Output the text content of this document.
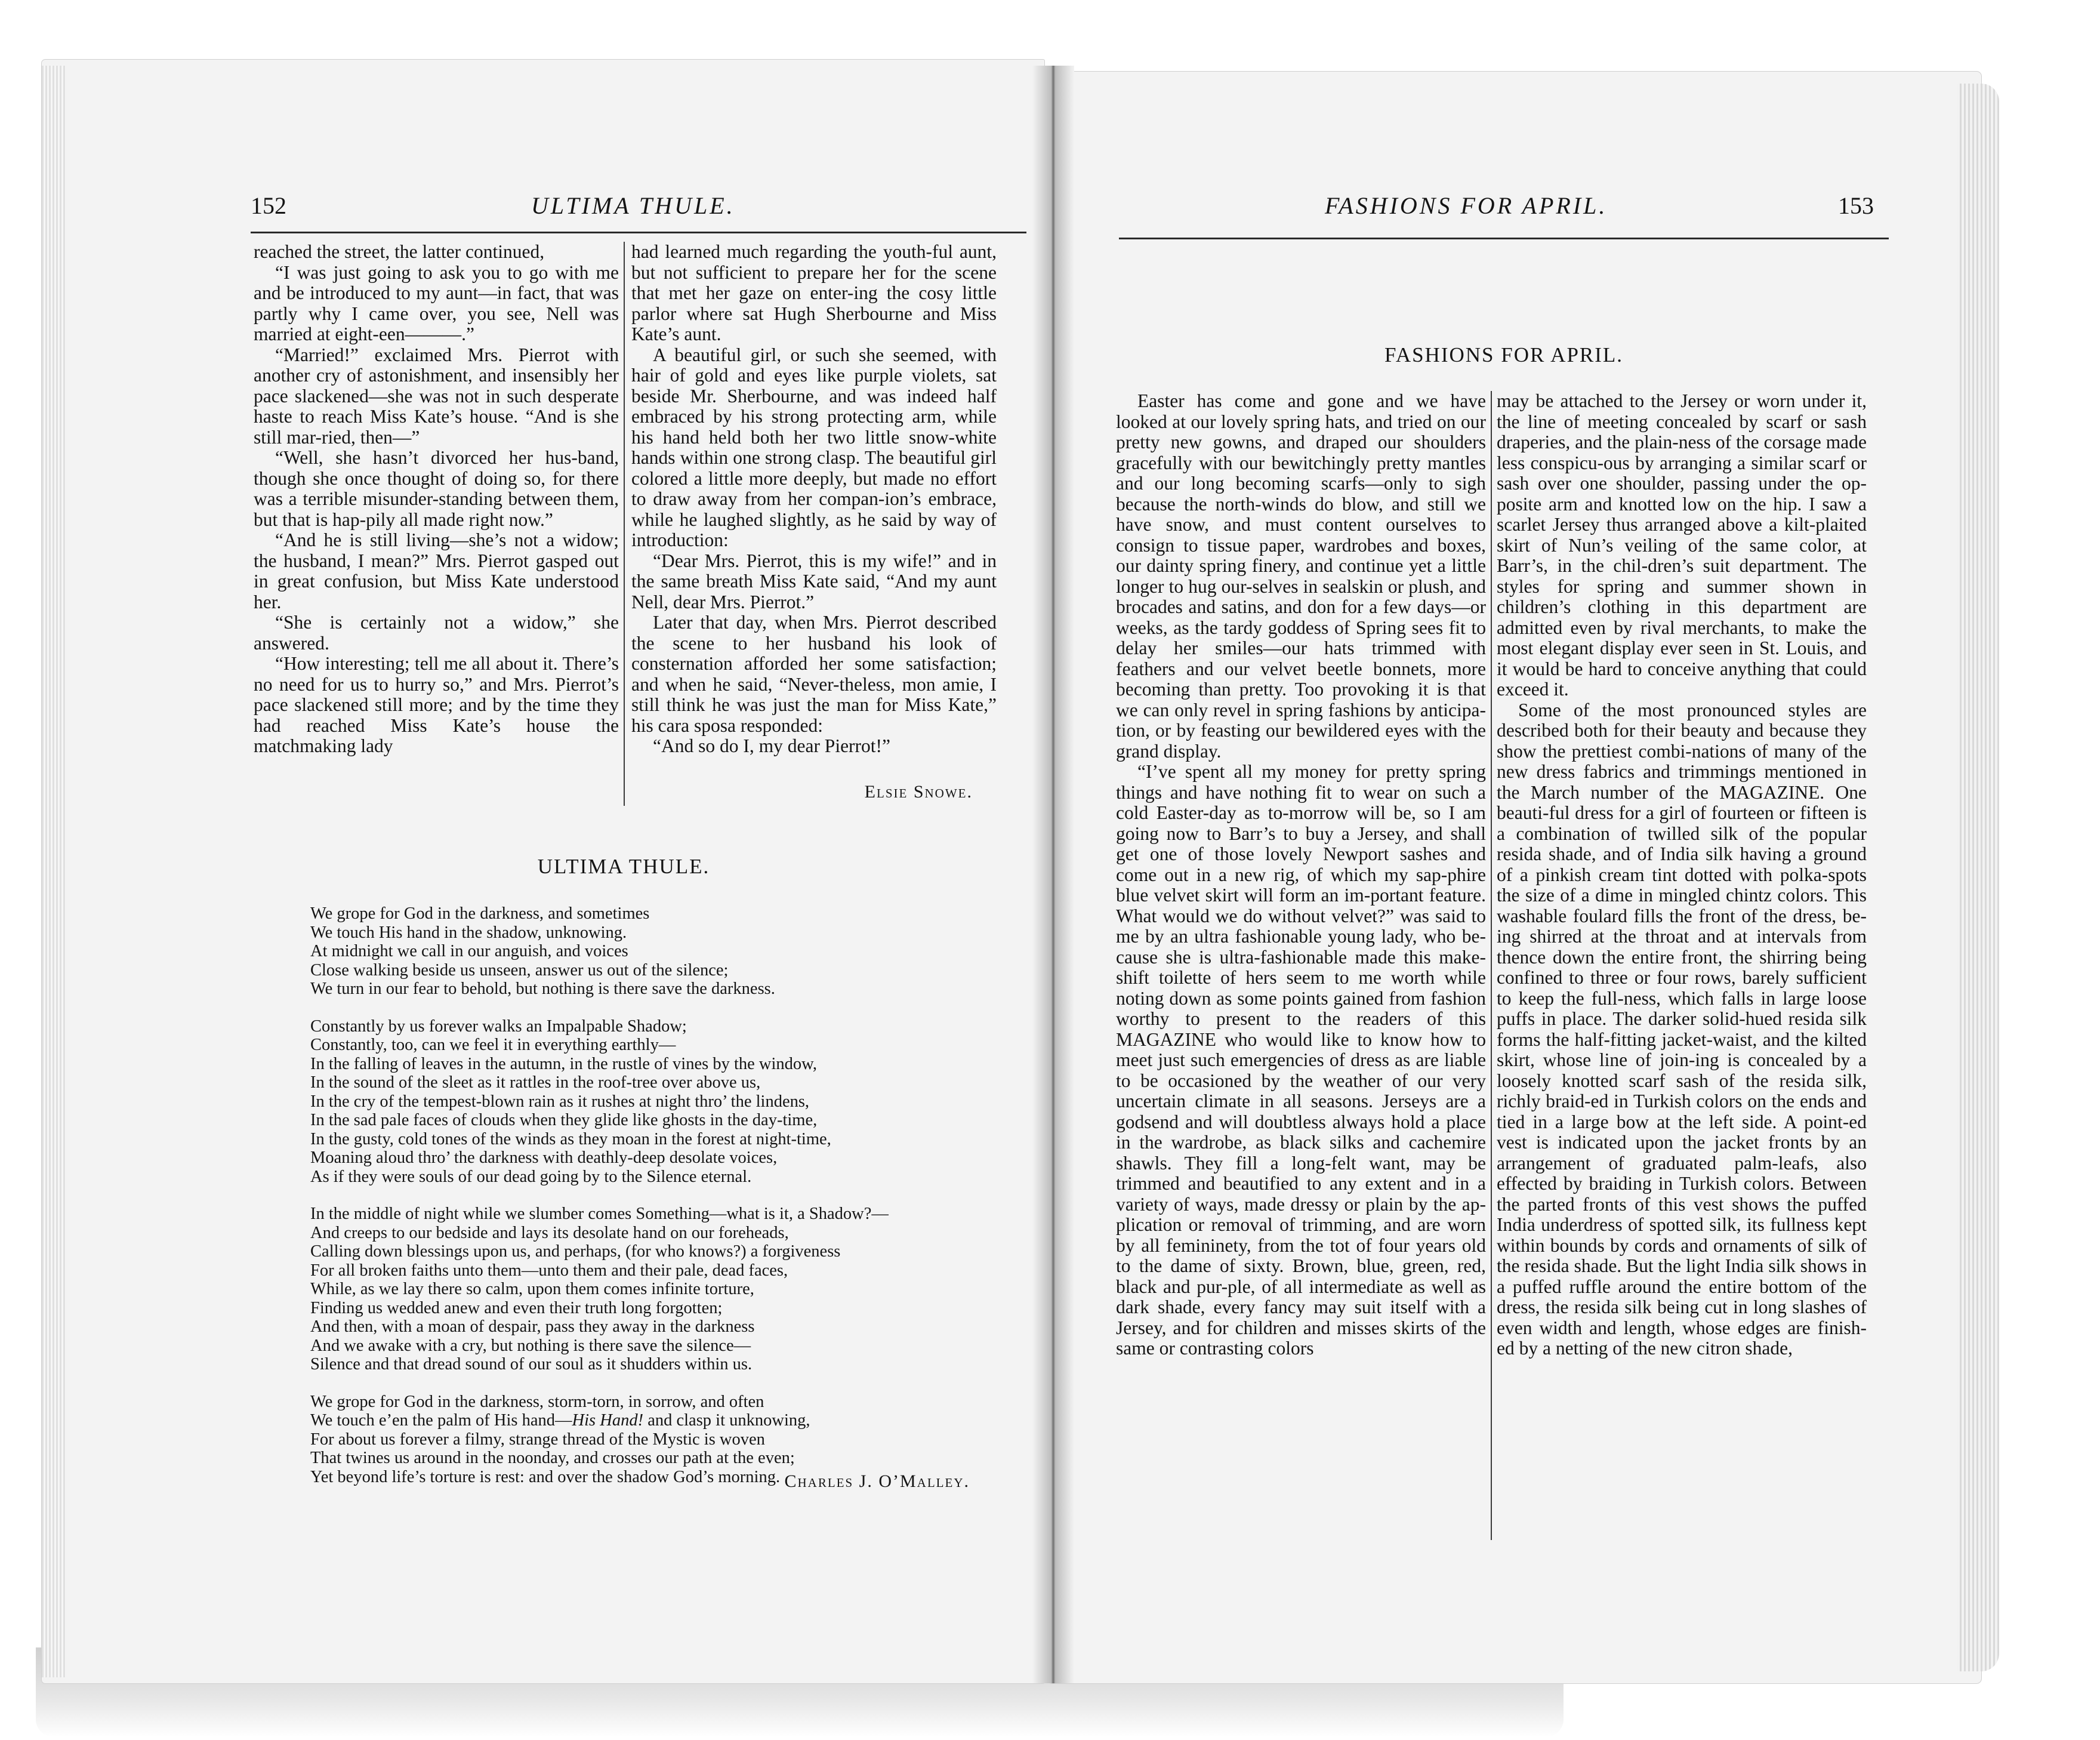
152	ULTIMA THULE.

reached the street, the latter continued,

“I was just going to ask you to go with me and be introduced to my aunt—in fact, that was partly why I came over, you see, Nell was married at eight-een———.”

“Married!” exclaimed Mrs. Pierrot with another cry of astonishment, and insensibly her pace slackened—she was not in such desperate haste to reach Miss Kate’s house. “And is she still mar-ried, then—”

“Well, she hasn’t divorced her hus-band, though she once thought of doing so, for there was a terrible misunder-standing between them, but that is hap-pily all made right now.”

“And he is still living—she’s not a widow; the husband, I mean?” Mrs. Pierrot gasped out in great confusion, but Miss Kate understood her.

“She is certainly not a widow,” she answered.

“How interesting; tell me all about it. There’s no need for us to hurry so,” and Mrs. Pierrot’s pace slackened still more; and by the time they had reached Miss Kate’s house the matchmaking lady

had learned much regarding the youth-ful aunt, but not sufficient to prepare her for the scene that met her gaze on enter-ing the cosy little parlor where sat Hugh Sherbourne and Miss Kate’s aunt.

A beautiful girl, or such she seemed, with hair of gold and eyes like purple violets, sat beside Mr. Sherbourne, and was indeed half embraced by his strong protecting arm, while his hand held both her two little snow-white hands within one strong clasp. The beautiful girl colored a little more deeply, but made no effort to draw away from her compan-ion’s embrace, while he laughed slightly, as he said by way of introduction:

“Dear Mrs. Pierrot, this is my wife!” and in the same breath Miss Kate said, “And my aunt Nell, dear Mrs. Pierrot.”

Later that day, when Mrs. Pierrot described the scene to her husband his look of consternation afforded her some satisfaction; and when he said, “Never-theless, mon amie, I still think he was just the man for Miss Kate,” his cara sposa responded:

“And so do I, my dear Pierrot!”

Elsie Snowe.
ULTIMA THULE.
We grope for God in the darkness, and sometimes
We touch His hand in the shadow, unknowing.
At midnight we call in our anguish, and voices
Close walking beside us unseen, answer us out of the silence;
We turn in our fear to behold, but nothing is there save the darkness.
Constantly by us forever walks an Impalpable Shadow;
Constantly, too, can we feel it in everything earthly—
In the falling of leaves in the autumn, in the rustle of vines by the window,
In the sound of the sleet as it rattles in the roof-tree over above us,
In the cry of the tempest-blown rain as it rushes at night thro’ the lindens,
In the sad pale faces of clouds when they glide like ghosts in the day-time,
In the gusty, cold tones of the winds as they moan in the forest at night-time,
Moaning aloud thro’ the darkness with deathly-deep desolate voices,
As if they were souls of our dead going by to the Silence eternal.
In the middle of night while we slumber comes Something—what is it, a Shadow?—
And creeps to our bedside and lays its desolate hand on our foreheads,
Calling down blessings upon us, and perhaps, (for who knows?) a forgiveness
For all broken faiths unto them—unto them and their pale, dead faces,
While, as we lay there so calm, upon them comes infinite torture,
Finding us wedded anew and even their truth long forgotten;
And then, with a moan of despair, pass they away in the darkness
And we awake with a cry, but nothing is there save the silence—
Silence and that dread sound of our soul as it shudders within us.
We grope for God in the darkness, storm-torn, in sorrow, and often
We touch e’en the palm of His hand—His Hand! and clasp it unknowing,
For about us forever a filmy, strange thread of the Mystic is woven
That twines us around in the noonday, and crosses our path at the even;
Yet beyond life’s torture is rest: and over the shadow God’s morning. Charles J. O’Malley.
FASHIONS FOR APRIL.	153
FASHIONS FOR APRIL.

Easter has come and gone and we have looked at our lovely spring hats, and tried on our pretty new gowns, and draped our shoulders gracefully with our bewitchingly pretty mantles and our long becoming scarfs—only to sigh because the north-winds do blow, and still we have snow, and must content ourselves to consign to tissue paper, wardrobes and boxes, our dainty spring finery, and continue yet a little longer to hug our-selves in sealskin or plush, and brocades and satins, and don for a few days—or weeks, as the tardy goddess of Spring sees fit to delay her smiles—our hats trimmed with feathers and our velvet beetle bonnets, more becoming than pretty. Too provoking it is that we can only revel in spring fashions by anticipa-tion, or by feasting our bewildered eyes with the grand display.

“I’ve spent all my money for pretty spring things and have nothing fit to wear on such a cold Easter-day as to-morrow will be, so I am going now to Barr’s to buy a Jersey, and shall get one of those lovely Newport sashes and come out in a new rig, of which my sap-phire blue velvet skirt will form an im-portant feature. What would we do without velvet?” was said to me by an ultra fashionable young lady, who be-cause she is ultra-fashionable made this make-shift toilette of hers seem to me worth while noting down as some points gained from fashion worthy to present to the readers of this MAGAZINE who would like to know how to meet just such emergencies of dress as are liable to be occasioned by the weather of our very uncertain climate in all seasons. Jerseys are a godsend and will doubtless always hold a place in the wardrobe, as black silks and cachemire shawls. They fill a long-felt want, may be trimmed and beautified to any extent and in a variety of ways, made dressy or plain by the ap-plication or removal of trimming, and are worn by all femininety, from the tot of four years old to the dame of sixty. Brown, blue, green, red, black and pur-ple, of all intermediate as well as dark shade, every fancy may suit itself with a Jersey, and for children and misses skirts of the same or contrasting colors

may be attached to the Jersey or worn under it, the line of meeting concealed by scarf or sash draperies, and the plain-ness of the corsage made less conspicu-ous by arranging a similar scarf or sash over one shoulder, passing under the op-posite arm and knotted low on the hip. I saw a scarlet Jersey thus arranged above a kilt-plaited skirt of Nun’s veiling of the same color, at Barr’s, in the chil-dren’s suit department. The styles for spring and summer shown in children’s clothing in this department are admitted even by rival merchants, to make the most elegant display ever seen in St. Louis, and it would be hard to conceive anything that could exceed it.

Some of the most pronounced styles are described both for their beauty and because they show the prettiest combi-nations of many of the new dress fabrics and trimmings mentioned in the March number of the MAGAZINE. One beauti-ful dress for a girl of fourteen or fifteen is a combination of twilled silk of the popular resida shade, and of India silk having a ground of a pinkish cream tint dotted with polka-spots the size of a dime in mingled chintz colors. This washable foulard fills the front of the dress, be-ing shirred at the throat and at intervals from thence down the entire front, the shirring being confined to three or four rows, barely sufficient to keep the full-ness, which falls in large loose puffs in place. The darker solid-hued resida silk forms the half-fitting jacket-waist, and the kilted skirt, whose line of join-ing is concealed by a loosely knotted scarf sash of the resida silk, richly braid-ed in Turkish colors on the ends and tied in a large bow at the left side. A point-ed vest is indicated upon the jacket fronts by an arrangement of graduated palm-leafs, also effected by braiding in Turkish colors. Between the parted fronts of this vest shows the puffed India underdress of spotted silk, its fullness kept within bounds by cords and ornaments of silk of the resida shade. But the light India silk shows in a puffed ruffle around the entire bottom of the dress, the resida silk being cut in long slashes of even width and length, whose edges are finish-ed by a netting of the new citron shade,
